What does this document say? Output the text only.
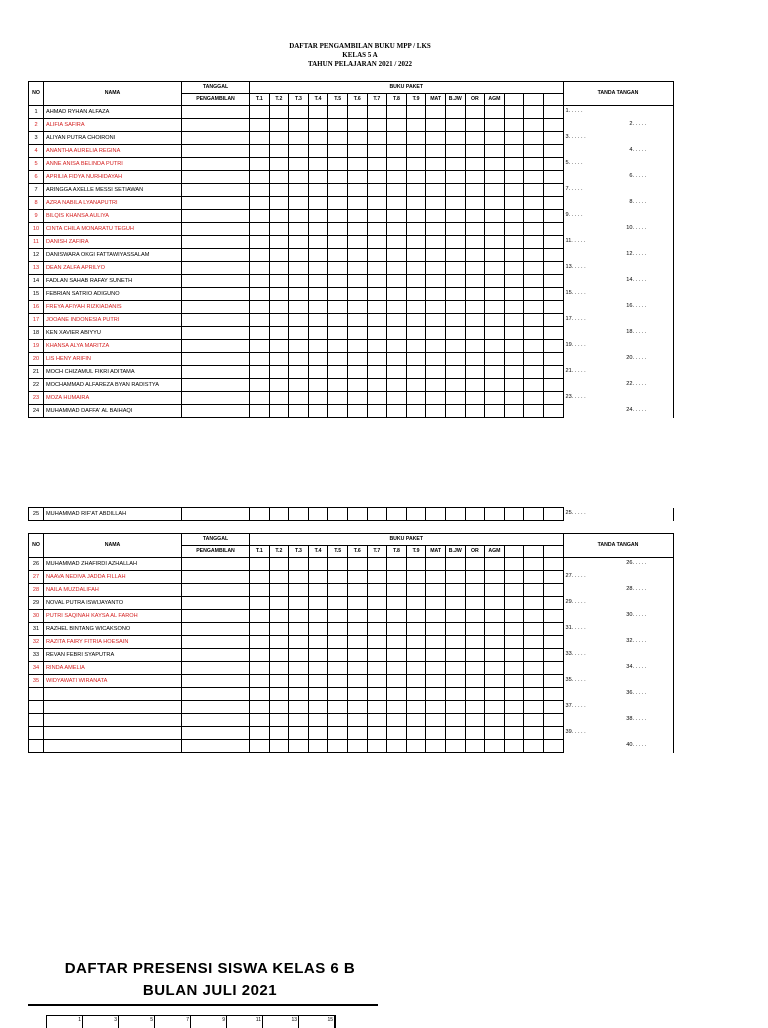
DAFTAR PENGAMBILAN BUKU MPP / LKS
KELAS 5 A
TAHUN PELAJARAN 2021 / 2022
NO	NAMA	TANGGAL	BUKU PAKET																TANDA TANGAN
		PENGAMBILAN	T.1	T.2	T.3	T.4	T.5	T.6	T.7	T.8	T.9	MAT	B.JW	OR	AGM				
1	AHMAD RYHAN ALFAZA																		1. . . . .

2	ALIFIA SAFIRA																		2. . . . .

3	ALIYAN PUTRA CHOIRONI																		3. . . . . .

4	ANANTHA AURELIA REGINA																		4. . . . .

5	ANNE ANISA BELINDA PUTRI																		5. . . . .

6	APRILIA FIDYA NURHIDAYAH																		6. . . . .

7	ARINGGA AXELLE MESSI SETIAWAN																		7. . . . .

8	AZRA NABILA LYANAPUTRI																		8. . . . .

9	BILQIS KHANSA AULIYA																		9. . . . .

10	CINTA CHILA MONARATU TEGUH																		10. . . . .

11	DANISH ZAFIRA																		11. . . . .

12	DANISWARA OKGI FATTAWIYASSALAM																		12. . . . .

13	DEAN ZALFA APRILYO																		13. . . . .

14	FADLAN SAHAB RAFAY SUNETH																		14. . . . .

15	FEBRIAN SATRIO ADIGUNO																		15. . . . .

16	FREYA AFIYAH RIZKIADANIS																		16. . . . .

17	JOOANE INDONESIA PUTRI																		17. . . . .

18	KEN XAVIER ABIYYU																		18. . . . .

19	KHANSA ALYA MARITZA																		19. . . . .

20	LIS HENY ARIFIN																		20. . . . .

21	MOCH CHIZAMUL FIKRI ADITAMA																		21. . . . .

22	MOCHAMMAD ALFAREZA BYAN RADISTYA																		22. . . . .

23	MOZA HUMAIRA																		23. . . . .

24	MUHAMMAD DAFFA' AL BAIHAQI																		24. . . . .
25	MUHAMMAD RIF'AT ABDILLAH																		25. . . . .
NO	NAMA	TANGGAL	BUKU PAKET																TANDA TANGAN
		PENGAMBILAN	T.1	T.2	T.3	T.4	T.5	T.6	T.7	T.8	T.9	MAT	B.JW	OR	AGM				
26	MUHAMMAD ZHAFIRDI AZHALLAH																		26. . . . .

27	NAAVA NEDIVA JADDA FILLAH																		27. . . . .

28	NAILA MUZDALIFAH																		28. . . . .

29	NOVAL PUTRA ISWIJAYANTO																		29. . . . .

30	PUTRI SAQINAH KAYSA AL FAROH																		30. . . . .

31	RAZHEL BINTANG WICAKSONO																		31. . . . .

32	RAZITA FAIRY FITRIA HOESAIN																		32. . . . .

33	REVAN FEBRI SYAPUTRA																		33. . . . .

34	RINDA AMELIA																		34. . . . .

35	WIDYAWATI WIRANATA																		35. . . . .

																			36. . . . .

																			37. . . . .

																			38. . . . .

																			39. . . . .

																			40. . . . .
DAFTAR PRESENSI SISWA KELAS 6 B
BULAN JULI 2021
1	3	5	7	9	11	13	15
